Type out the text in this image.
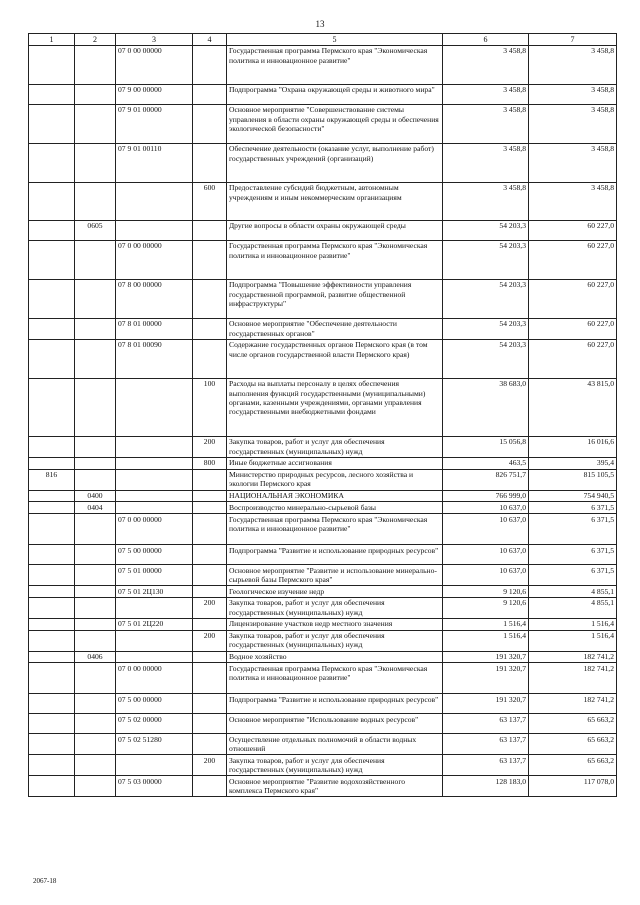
13
1	2	3	4	5	6	7
		07 0 00 00000		Государственная программа Пермского края "Экономическая политика и инновационное развитие"	3 458,8	3 458,8
		07 9 00 00000		Подпрограмма "Охрана окружающей среды и животного мира"	3 458,8	3 458,8
		07 9 01 00000		Основное мероприятие "Совершенствование системы управления в области охраны окружающей среды и обеспечения экологической безопасности"	3 458,8	3 458,8
		07 9 01 00110		Обеспечение деятельности (оказание услуг, выполнение работ) государственных учреждений (организаций)	3 458,8	3 458,8
			600	Предоставление субсидий бюджетным, автономным учреждениям и иным некоммерческим организациям	3 458,8	3 458,8
	0605			Другие вопросы в области охраны окружающей среды	54 203,3	60 227,0
		07 0 00 00000		Государственная программа Пермского края "Экономическая политика и инновационное развитие"	54 203,3	60 227,0
		07 8 00 00000		Подпрограмма "Повышение эффективности управления государственной программой, развитие общественной инфраструктуры"	54 203,3	60 227,0
		07 8 01 00000		Основное мероприятие "Обеспечение деятельности государственных органов"	54 203,3	60 227,0
		07 8 01 00090		Содержание государственных органов Пермского края (в том числе органов государственной власти Пермского края)	54 203,3	60 227,0
			100	Расходы на выплаты персоналу в целях обеспечения выполнения функций государственными (муниципальными) органами, казенными учреждениями, органами управления государственными внебюджетными фондами	38 683,0	43 815,0
			200	Закупка товаров, работ и услуг для обеспечения государственных (муниципальных) нужд	15 056,8	16 016,6
			800	Иные бюджетные ассигнования	463,5	395,4
816				Министерство природных ресурсов, лесного хозяйства и экологии Пермского края	826 751,7	815 105,5
	0400			НАЦИОНАЛЬНАЯ ЭКОНОМИКА	766 999,0	754 940,5
	0404			Воспроизводство минерально-сырьевой базы	10 637,0	6 371,5
		07 0 00 00000		Государственная программа Пермского края "Экономическая политика и инновационное развитие"	10 637,0	6 371,5
		07 5 00 00000		Подпрограмма "Развитие и использование природных ресурсов"	10 637,0	6 371,5
		07 5 01 00000		Основное мероприятие "Развитие и использование минерально-сырьевой базы Пермского края"	10 637,0	6 371,5
		07 5 01 2Ц130		Геологическое изучение недр	9 120,6	4 855,1
			200	Закупка товаров, работ и услуг для обеспечения государственных (муниципальных) нужд	9 120,6	4 855,1
		07 5 01 2Ц220		Лицензирование участков недр местного значения	1 516,4	1 516,4
			200	Закупка товаров, работ и услуг для обеспечения государственных (муниципальных) нужд	1 516,4	1 516,4
	0406			Водное хозяйство	191 320,7	182 741,2
		07 0 00 00000		Государственная программа Пермского края "Экономическая политика и инновационное развитие"	191 320,7	182 741,2
		07 5 00 00000		Подпрограмма "Развитие и использование природных ресурсов"	191 320,7	182 741,2
		07 5 02 00000		Основное мероприятие "Использование водных ресурсов"	63 137,7	65 663,2
		07 5 02 51280		Осуществление отдельных полномочий в области водных отношений	63 137,7	65 663,2
			200	Закупка товаров, работ и услуг для обеспечения государственных (муниципальных) нужд	63 137,7	65 663,2
		07 5 03 00000		Основное мероприятие "Развитие водохозяйственного комплекса Пермского края"	128 183,0	117 078,0
2067-18
